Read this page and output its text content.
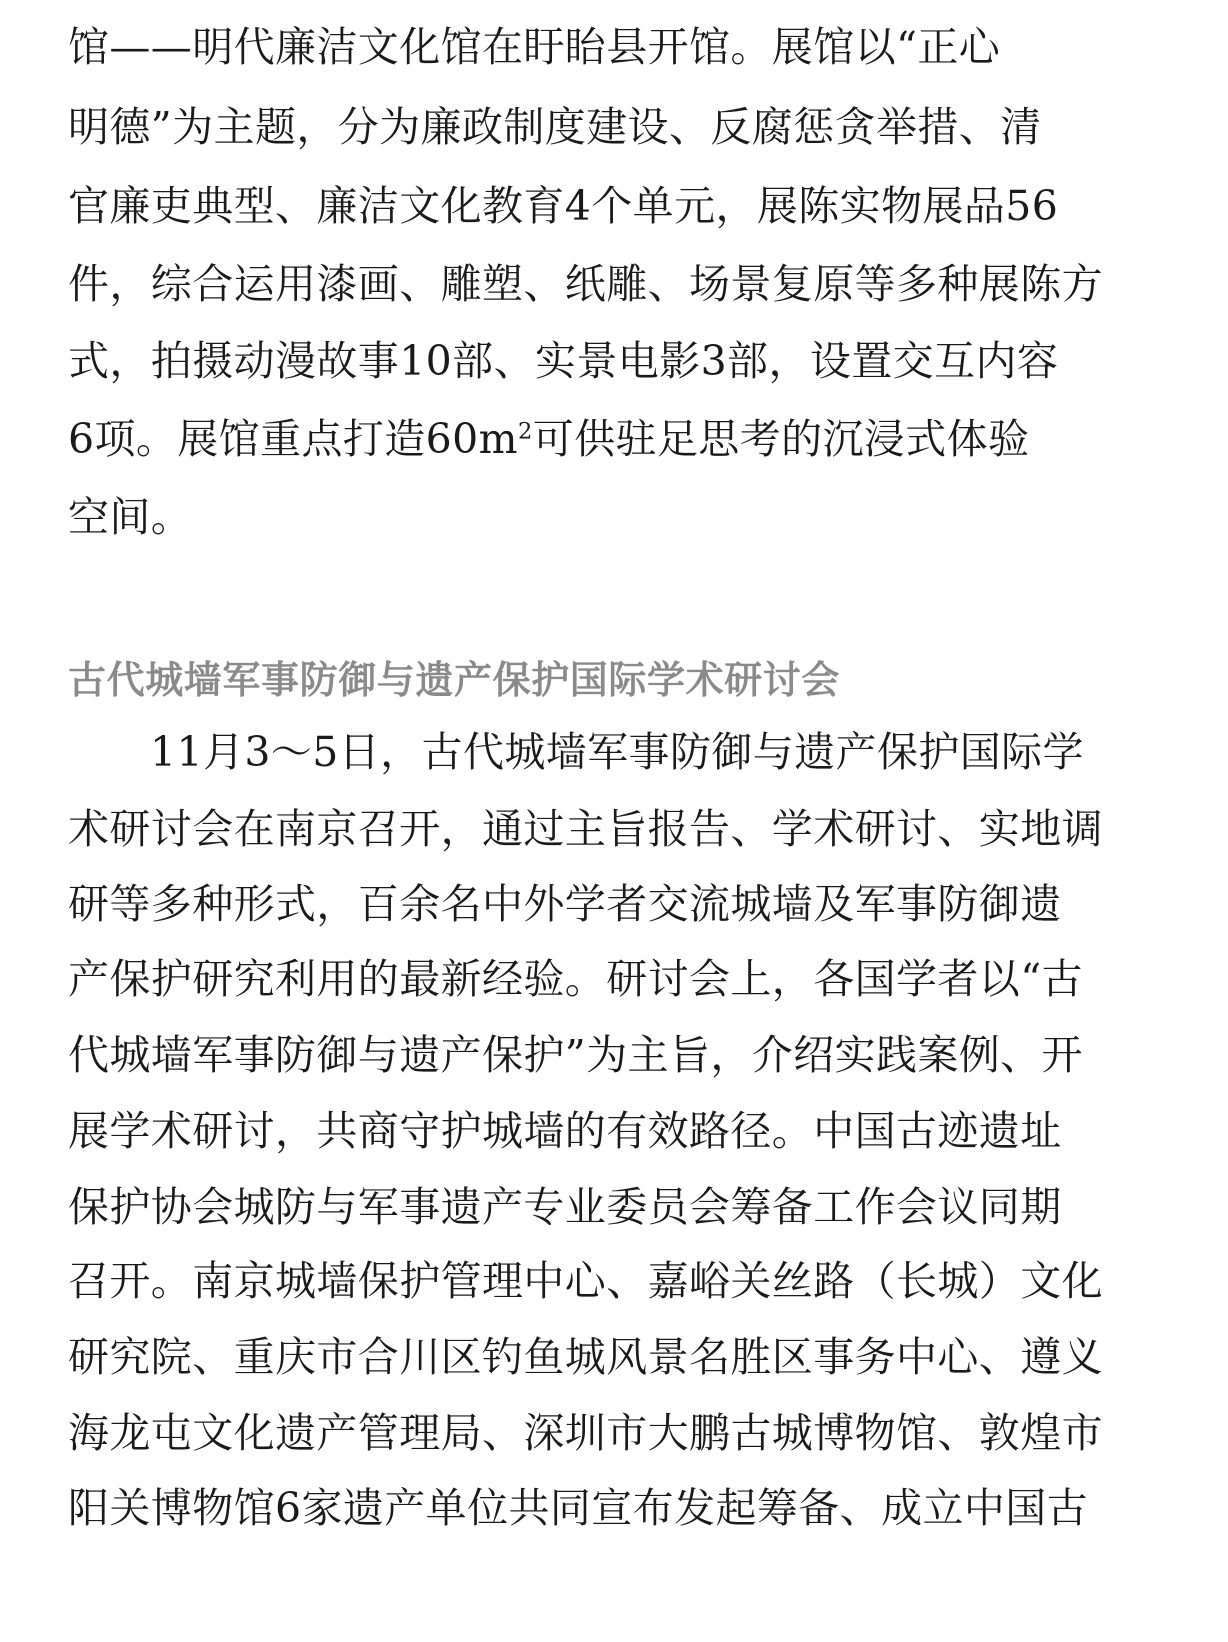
馆——明代廉洁文化馆在盱眙县开馆。展馆以“正心
明德”为主题，分为廉政制度建设、反腐惩贪举措、清
官廉吏典型、廉洁文化教育4个单元，展陈实物展品56
件，综合运用漆画、雕塑、纸雕、场景复原等多种展陈方
式，拍摄动漫故事10部、实景电影3部，设置交互内容
6项。展馆重点打造$60m^2$可供驻足思考的沉浸式体验
空间。
古代城墙军事防御与遗产保护国际学术研讨会
11月3～5日，古代城墙军事防御与遗产保护国际学
术研讨会在南京召开，通过主旨报告、学术研讨、实地调
研等多种形式，百余名中外学者交流城墙及军事防御遗
产保护研究利用的最新经验。研讨会上，各国学者以“古
代城墙军事防御与遗产保护”为主旨，介绍实践案例、开
展学术研讨，共商守护城墙的有效路径。中国古迹遗址
保护协会城防与军事遗产专业委员会筹备工作会议同期
召开。南京城墙保护管理中心、嘉峪关丝路（长城）文化
研究院、重庆市合川区钓鱼城风景名胜区事务中心、遵义
海龙屯文化遗产管理局、深圳市大鹏古城博物馆、敦煌市
阳关博物馆6家遗产单位共同宣布发起筹备、成立中国古
